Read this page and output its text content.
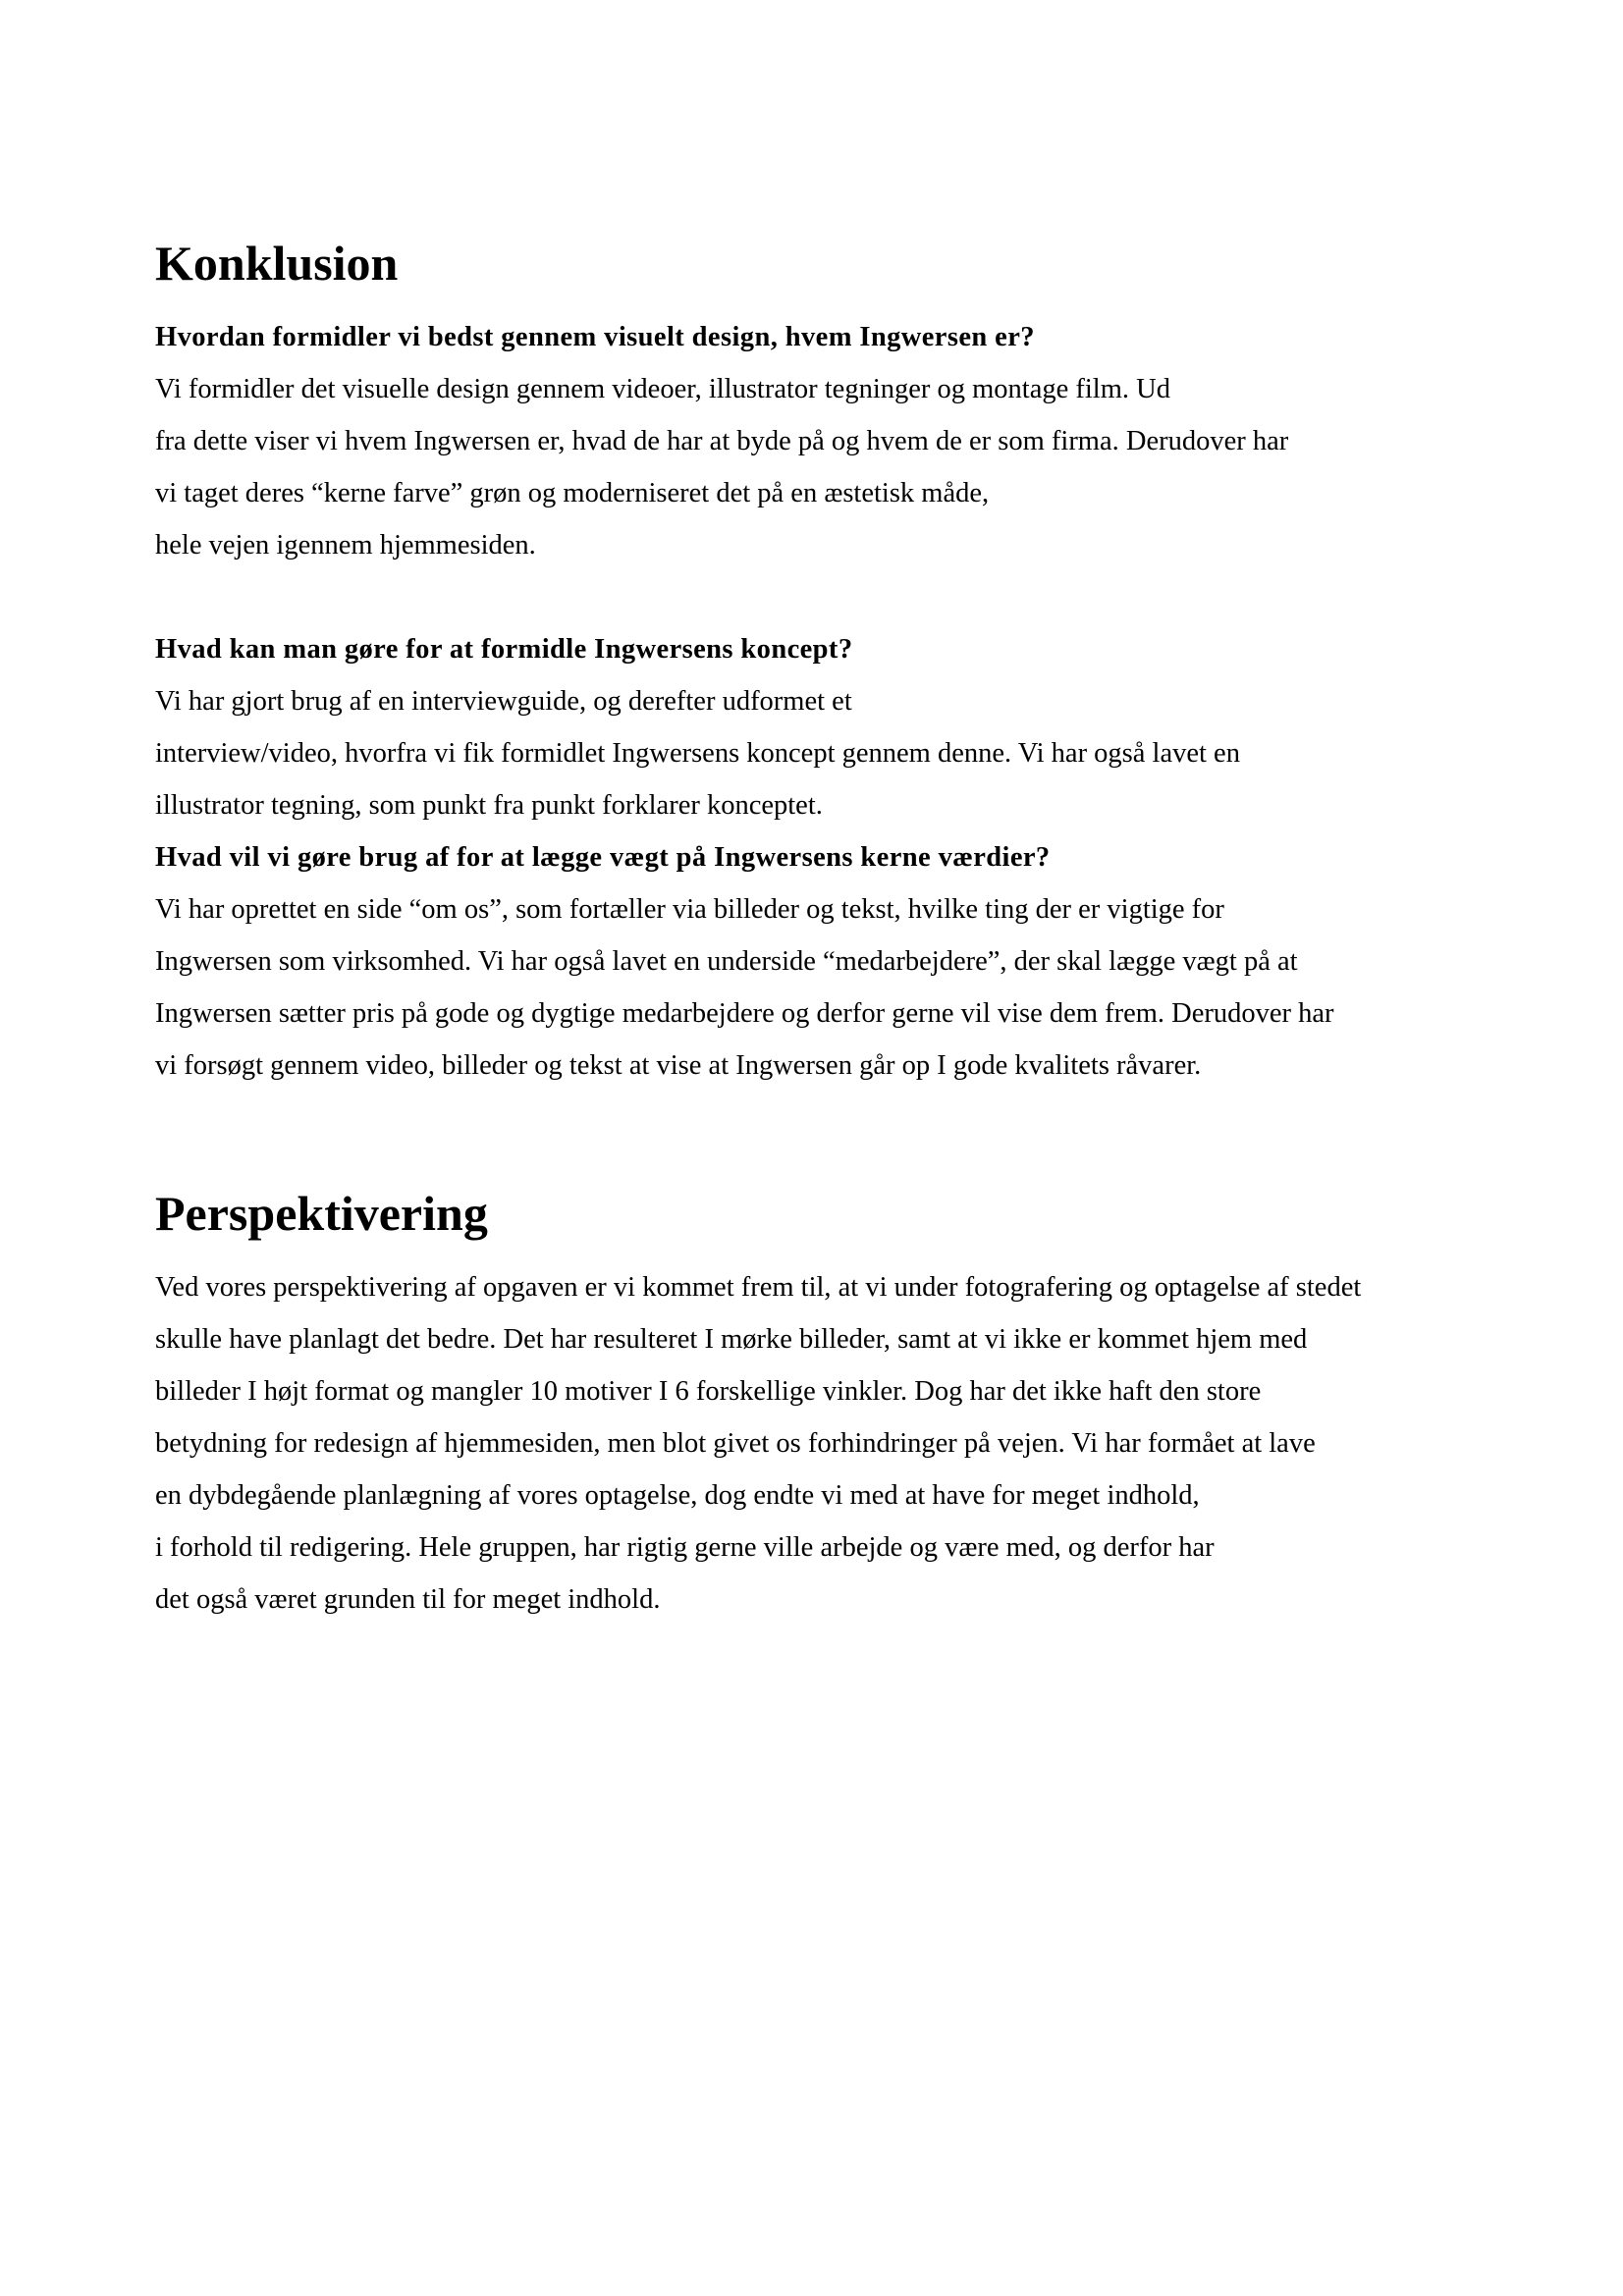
Konklusion

Hvordan formidler vi bedst gennem visuelt design, hvem Ingwersen er?

Vi formidler det visuelle design gennem videoer, illustrator tegninger og montage film. Ud

fra dette viser vi hvem Ingwersen er, hvad de har at byde på og hvem de er som firma. Derudover har

vi taget deres “kerne farve” grøn og moderniseret det på en æstetisk måde,

hele vejen igennem hjemmesiden.

Hvad kan man gøre for at formidle Ingwersens koncept?

Vi har gjort brug af en interviewguide, og derefter udformet et

interview/video, hvorfra vi fik formidlet Ingwersens koncept gennem denne. Vi har også lavet en

illustrator tegning, som punkt fra punkt forklarer konceptet.

Hvad vil vi gøre brug af for at lægge vægt på Ingwersens kerne værdier?

Vi har oprettet en side “om os”, som fortæller via billeder og tekst, hvilke ting der er vigtige for

Ingwersen som virksomhed. Vi har også lavet en underside “medarbejdere”, der skal lægge vægt på at

Ingwersen sætter pris på gode og dygtige medarbejdere og derfor gerne vil vise dem frem. Derudover har

vi forsøgt gennem video, billeder og tekst at vise at Ingwersen går op I gode kvalitets råvarer.

Perspektivering

Ved vores perspektivering af opgaven er vi kommet frem til, at vi under fotografering og optagelse af stedet

skulle have planlagt det bedre. Det har resulteret I mørke billeder, samt at vi ikke er kommet hjem med

billeder I højt format og mangler 10 motiver I 6 forskellige vinkler. Dog har det ikke haft den store

betydning for redesign af hjemmesiden, men blot givet os forhindringer på vejen. Vi har formået at lave

en dybdegående planlægning af vores optagelse, dog endte vi med at have for meget indhold,

i forhold til redigering. Hele gruppen, har rigtig gerne ville arbejde og være med, og derfor har

det også været grunden til for meget indhold.
